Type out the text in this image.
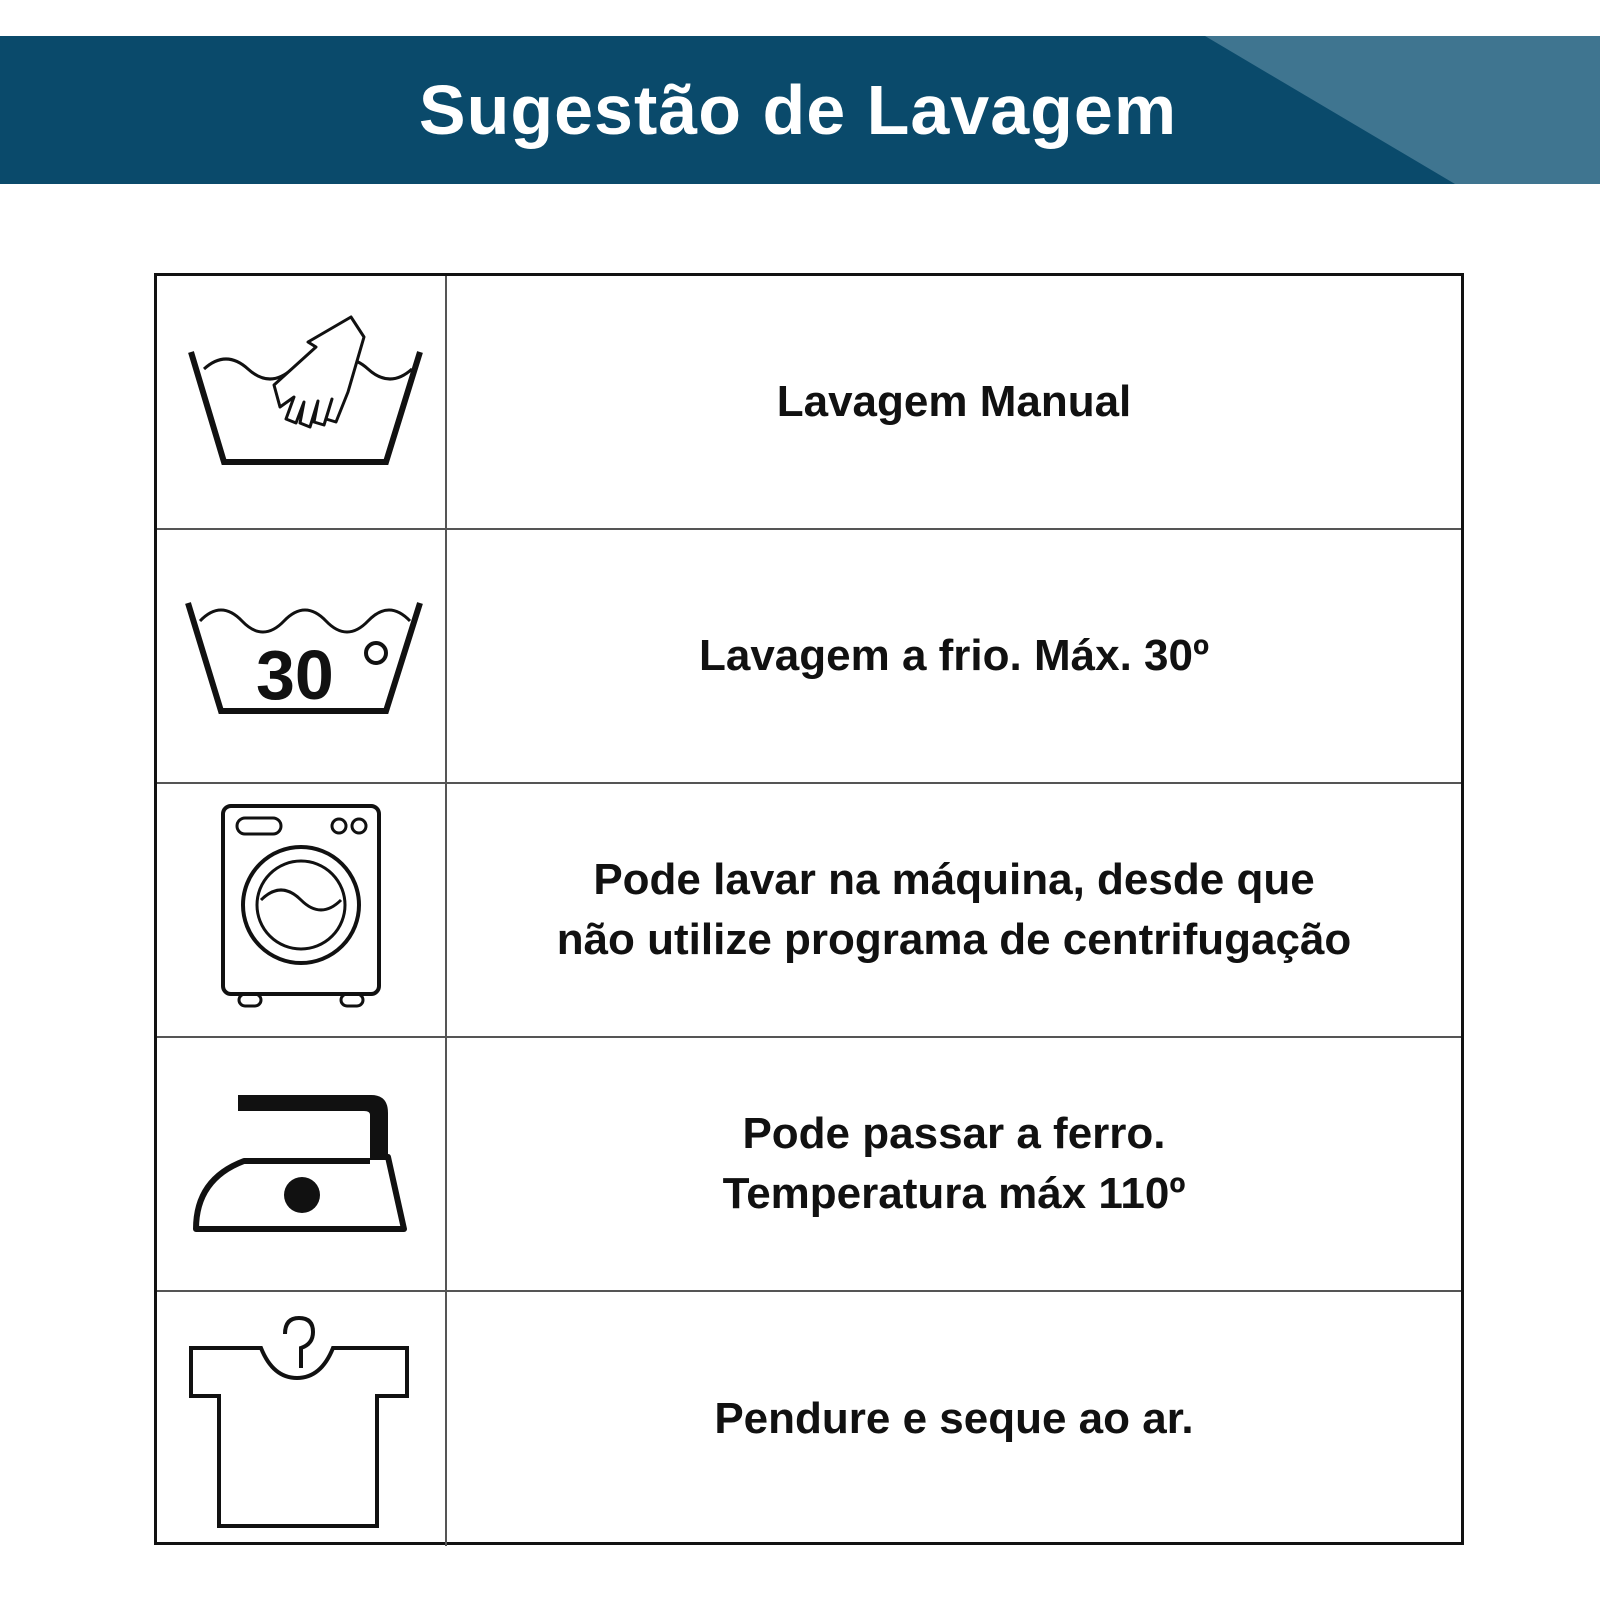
Sugestão de Lavagem
Lavagem Manual
30	Lavagem a frio. Máx. 30º
Pode lavar na máquina, desde que
não utilize programa de centrifugação
Pode passar a ferro.
Temperatura máx 110º
Pendure e seque ao ar.
